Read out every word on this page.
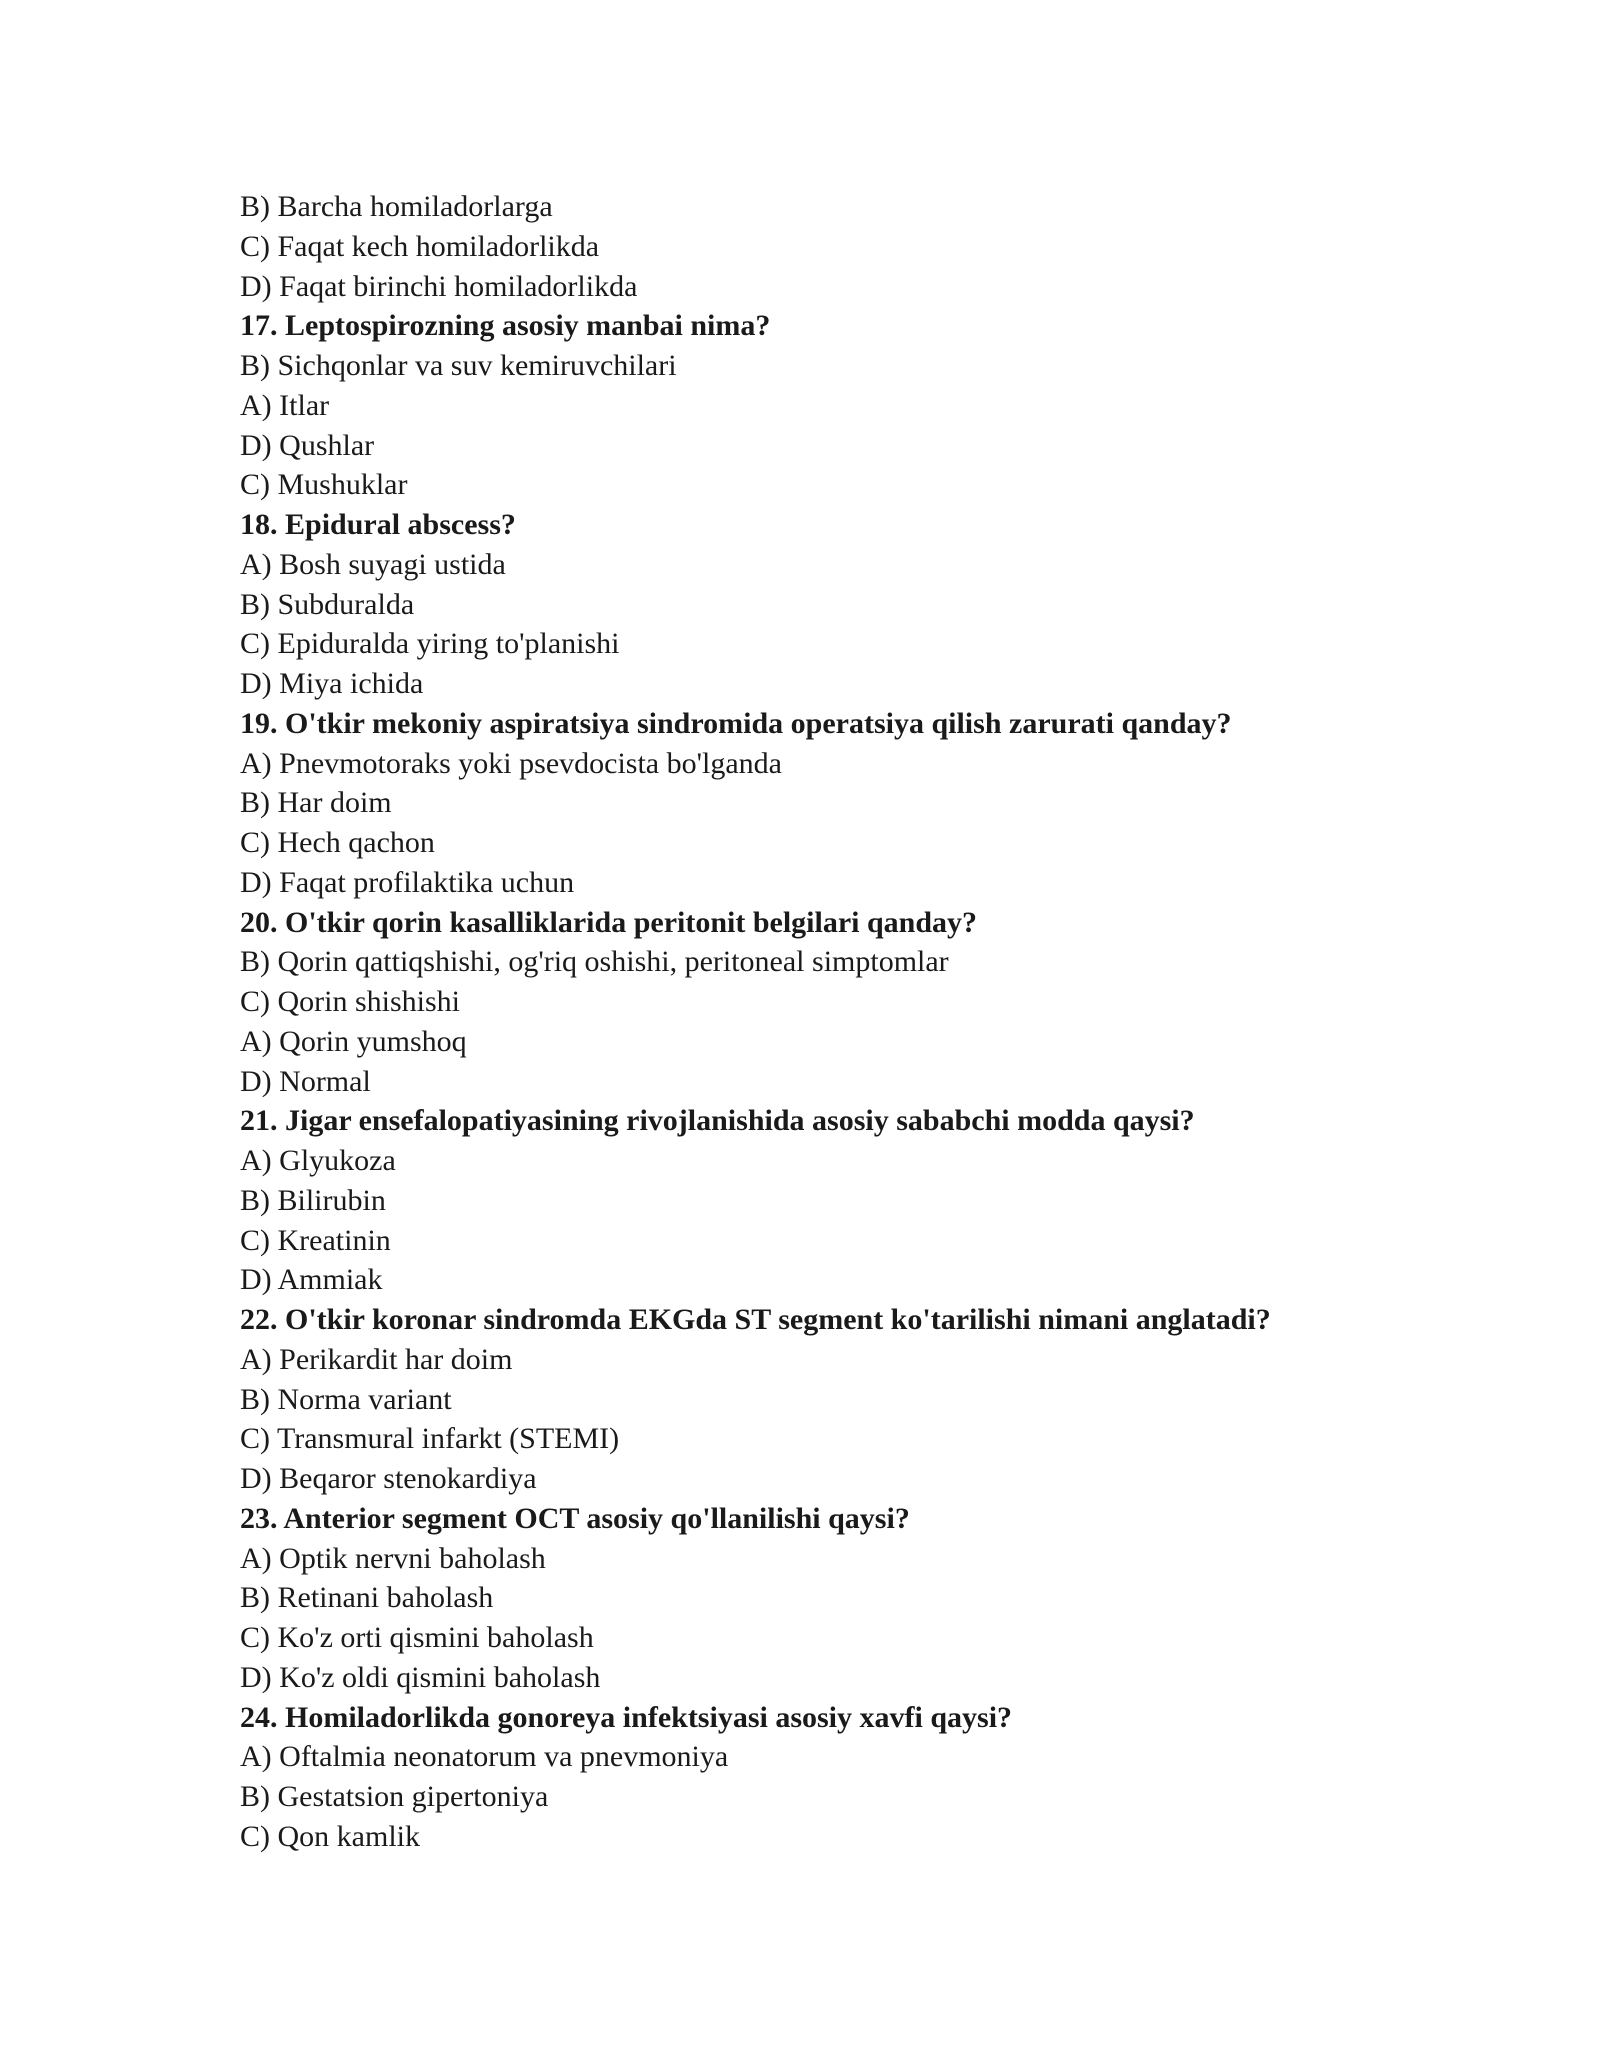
B) Barcha homiladorlarga
C) Faqat kech homiladorlikda
D) Faqat birinchi homiladorlikda
17. Leptospirozning asosiy manbai nima?
B) Sichqonlar va suv kemiruvchilari
A) Itlar
D) Qushlar
C) Mushuklar
18. Epidural abscess?
A) Bosh suyagi ustida
B) Subduralda
C) Epiduralda yiring to'planishi
D) Miya ichida
19. O'tkir mekoniy aspiratsiya sindromida operatsiya qilish zarurati qanday?
A) Pnevmotoraks yoki psevdocista bo'lganda
B) Har doim
C) Hech qachon
D) Faqat profilaktika uchun
20. O'tkir qorin kasalliklarida peritonit belgilari qanday?
B) Qorin qattiqshishi, og'riq oshishi, peritoneal simptomlar
C) Qorin shishishi
A) Qorin yumshoq
D) Normal
21. Jigar ensefalopatiyasining rivojlanishida asosiy sababchi modda qaysi?
A) Glyukoza
B) Bilirubin
C) Kreatinin
D) Ammiak
22. O'tkir koronar sindromda EKGda ST segment ko'tarilishi nimani anglatadi?
A) Perikardit har doim
B) Norma variant
C) Transmural infarkt (STEMI)
D) Beqaror stenokardiya
23. Anterior segment OCT asosiy qo'llanilishi qaysi?
A) Optik nervni baholash
B) Retinani baholash
C) Ko'z orti qismini baholash
D) Ko'z oldi qismini baholash
24. Homiladorlikda gonoreya infektsiyasi asosiy xavfi qaysi?
A) Oftalmia neonatorum va pnevmoniya
B) Gestatsion gipertoniya
C) Qon kamlik
